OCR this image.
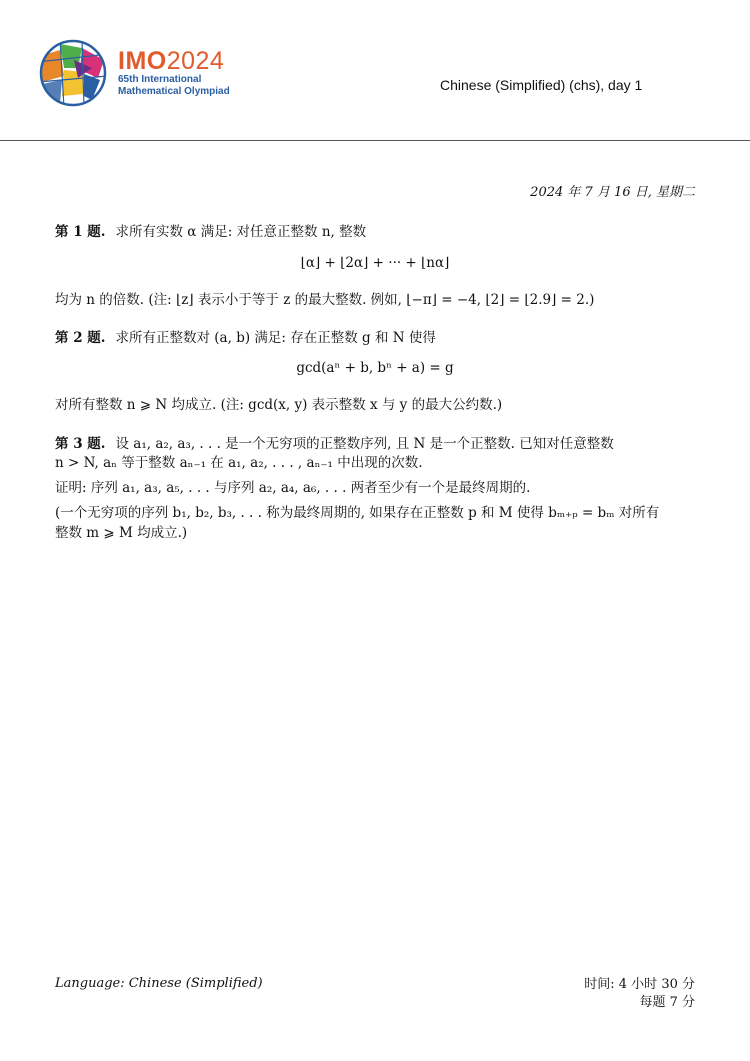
IMO2024
65th International
Mathematical Olympiad	Chinese (Simplified) (chs), day 1
2024 年 7 月 16 日, 星期二
第 1 题. 求所有实数 α 满足: 对任意正整数 n, 整数
⌊α⌋ + ⌊2α⌋ + ··· + ⌊nα⌋
均为 n 的倍数. (注: ⌊z⌋ 表示小于等于 z 的最大整数. 例如, ⌊−π⌋ = −4, ⌊2⌋ = ⌊2.9⌋ = 2.)
第 2 题. 求所有正整数对 (a, b) 满足: 存在正整数 g 和 N 使得
gcd(aⁿ + b, bⁿ + a) = g
对所有整数 n ⩾ N 均成立. (注: gcd(x, y) 表示整数 x 与 y 的最大公约数.)
第 3 题. 设 a₁, a₂, a₃, . . . 是一个无穷项的正整数序列, 且 N 是一个正整数. 已知对任意整数
n > N, aₙ 等于整数 aₙ₋₁ 在 a₁, a₂, . . . , aₙ₋₁ 中出现的次数.
证明: 序列 a₁, a₃, a₅, . . . 与序列 a₂, a₄, a₆, . . . 两者至少有一个是最终周期的.
(一个无穷项的序列 b₁, b₂, b₃, . . . 称为最终周期的, 如果存在正整数 p 和 M 使得 bₘ₊ₚ = bₘ 对所有
整数 m ⩾ M 均成立.)
Language: Chinese (Simplified)	时间: 4 小时 30 分
每题 7 分
